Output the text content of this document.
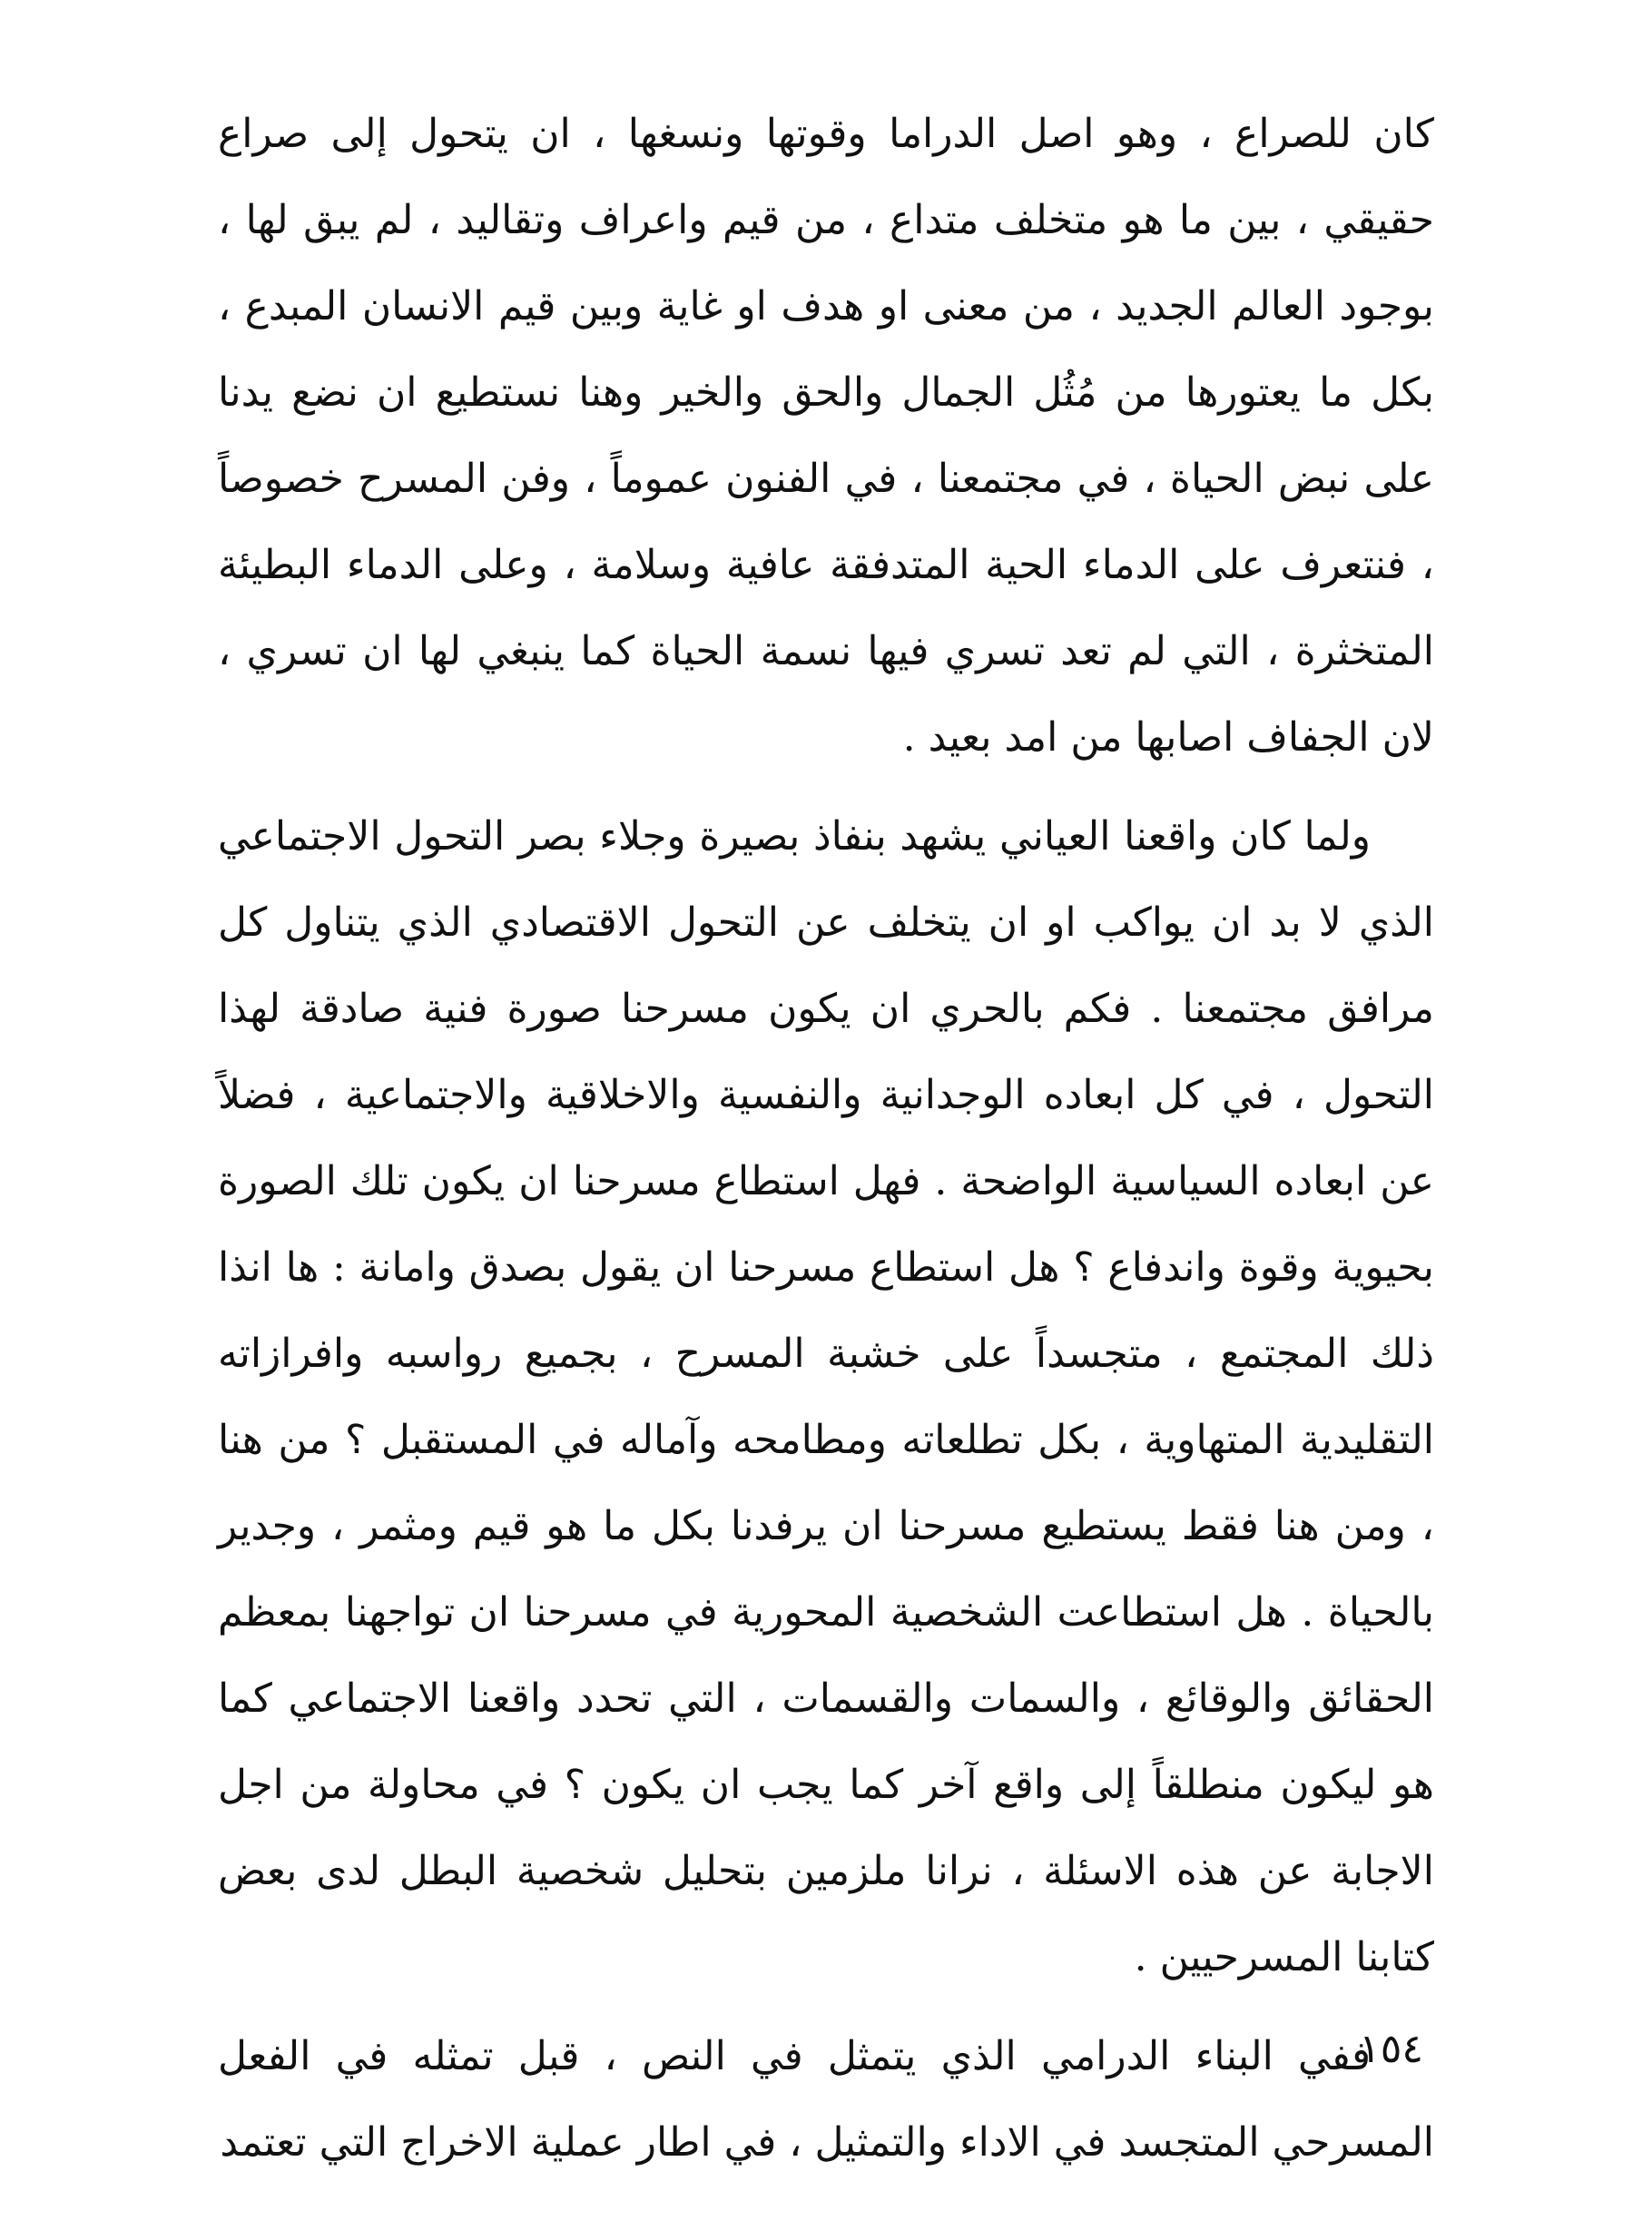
كان للصراع ، وهو اصل الدراما وقوتها ونسغها ، ان يتحول إلى صراع حقيقي ، بين ما هو متخلف متداع ، من قيم واعراف وتقاليد ، لم يبق لها ، بوجود العالم الجديد ، من معنى او هدف او غاية وبين قيم الانسان المبدع ، بكل ما يعتورها من مُثُل الجمال والحق والخير وهنا نستطيع ان نضع يدنا على نبض الحياة ، في مجتمعنا ، في الفنون عموماً ، وفن المسرح خصوصاً ، فنتعرف على الدماء الحية المتدفقة عافية وسلامة ، وعلى الدماء البطيئة المتخثرة ، التي لم تعد تسري فيها نسمة الحياة كما ينبغي لها ان تسري ، لان الجفاف اصابها من امد بعيد .

ولما كان واقعنا العياني يشهد بنفاذ بصيرة وجلاء بصر التحول الاجتماعي الذي لا بد ان يواكب او ان يتخلف عن التحول الاقتصادي الذي يتناول كل مرافق مجتمعنا . فكم بالحري ان يكون مسرحنا صورة فنية صادقة لهذا التحول ، في كل ابعاده الوجدانية والنفسية والاخلاقية والاجتماعية ، فضلاً عن ابعاده السياسية الواضحة . فهل استطاع مسرحنا ان يكون تلك الصورة بحيوية وقوة واندفاع ؟ هل استطاع مسرحنا ان يقول بصدق وامانة : ها انذا ذلك المجتمع ، متجسداً على خشبة المسرح ، بجميع رواسبه وافرازاته التقليدية المتهاوية ، بكل تطلعاته ومطامحه وآماله في المستقبل ؟ من هنا ، ومن هنا فقط يستطيع مسرحنا ان يرفدنا بكل ما هو قيم ومثمر ، وجدير بالحياة . هل استطاعت الشخصية المحورية في مسرحنا ان تواجهنا بمعظم الحقائق والوقائع ، والسمات والقسمات ، التي تحدد واقعنا الاجتماعي كما هو ليكون منطلقاً إلى واقع آخر كما يجب ان يكون ؟ في محاولة من اجل الاجابة عن هذه الاسئلة ، نرانا ملزمين بتحليل شخصية البطل لدى بعض كتابنا المسرحيين .

ففي البناء الدرامي الذي يتمثل في النص ، قبل تمثله في الفعل المسرحي المتجسد في الاداء والتمثيل ، في اطار عملية الاخراج التي تعتمد

١٥٤
